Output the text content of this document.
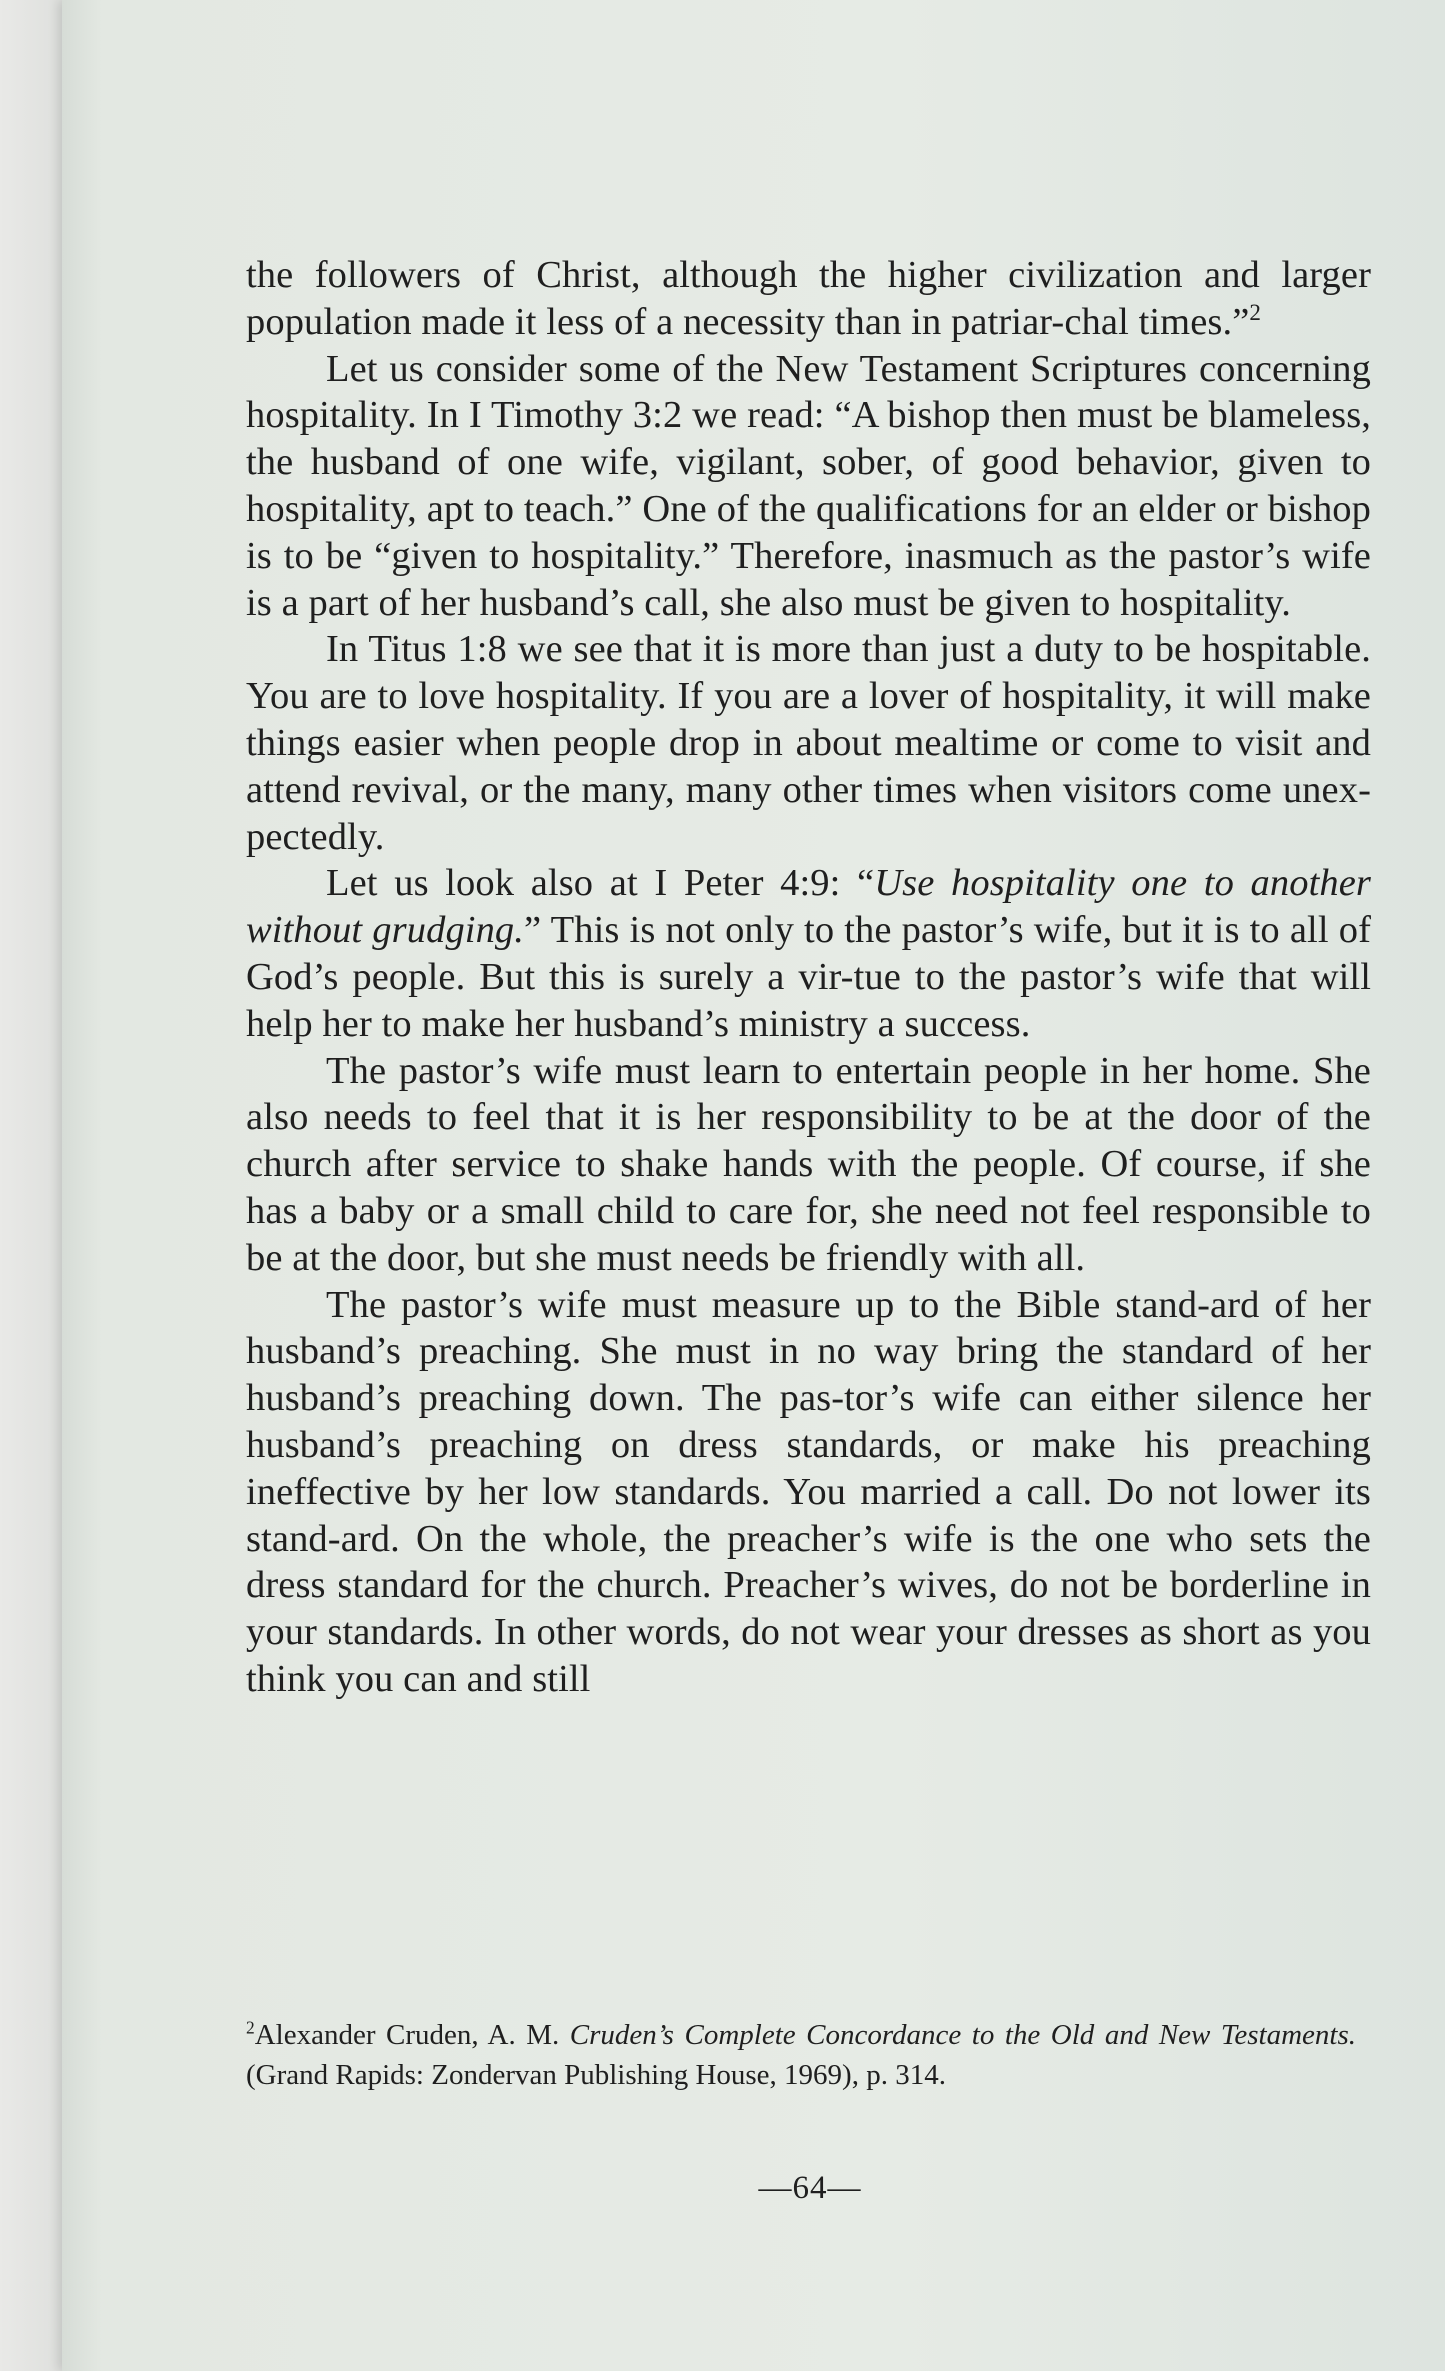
the followers of Christ, although the higher civilization and larger population made it less of a necessity than in patriar-chal times.”$^2$

Let us consider some of the New Testament Scriptures concerning hospitality. In I Timothy 3:2 we read: “A bishop then must be blameless, the husband of one wife, vigilant, sober, of good behavior, given to hospitality, apt to teach.” One of the qualifications for an elder or bishop is to be “given to hospitality.” Therefore, inasmuch as the pastor’s wife is a part of her husband’s call, she also must be given to hospitality.

In Titus 1:8 we see that it is more than just a duty to be hospitable. You are to love hospitality. If you are a lover of hospitality, it will make things easier when people drop in about mealtime or come to visit and attend revival, or the many, many other times when visitors come unex-pectedly.

Let us look also at I Peter 4:9: “Use hospitality one to another without grudging.” This is not only to the pastor’s wife, but it is to all of God’s people. But this is surely a vir-tue to the pastor’s wife that will help her to make her husband’s ministry a success.

The pastor’s wife must learn to entertain people in her home. She also needs to feel that it is her responsibility to be at the door of the church after service to shake hands with the people. Of course, if she has a baby or a small child to care for, she need not feel responsible to be at the door, but she must needs be friendly with all.

The pastor’s wife must measure up to the Bible stand-ard of her husband’s preaching. She must in no way bring the standard of her husband’s preaching down. The pas-tor’s wife can either silence her husband’s preaching on dress standards, or make his preaching ineffective by her low standards. You married a call. Do not lower its stand-ard. On the whole, the preacher’s wife is the one who sets the dress standard for the church. Preacher’s wives, do not be borderline in your standards. In other words, do not wear your dresses as short as you think you can and still

$^2$Alexander Cruden, A. M. Cruden’s Complete Concordance to the Old and New Testaments. (Grand Rapids: Zondervan Publishing House, 1969), p. 314.

—64—
